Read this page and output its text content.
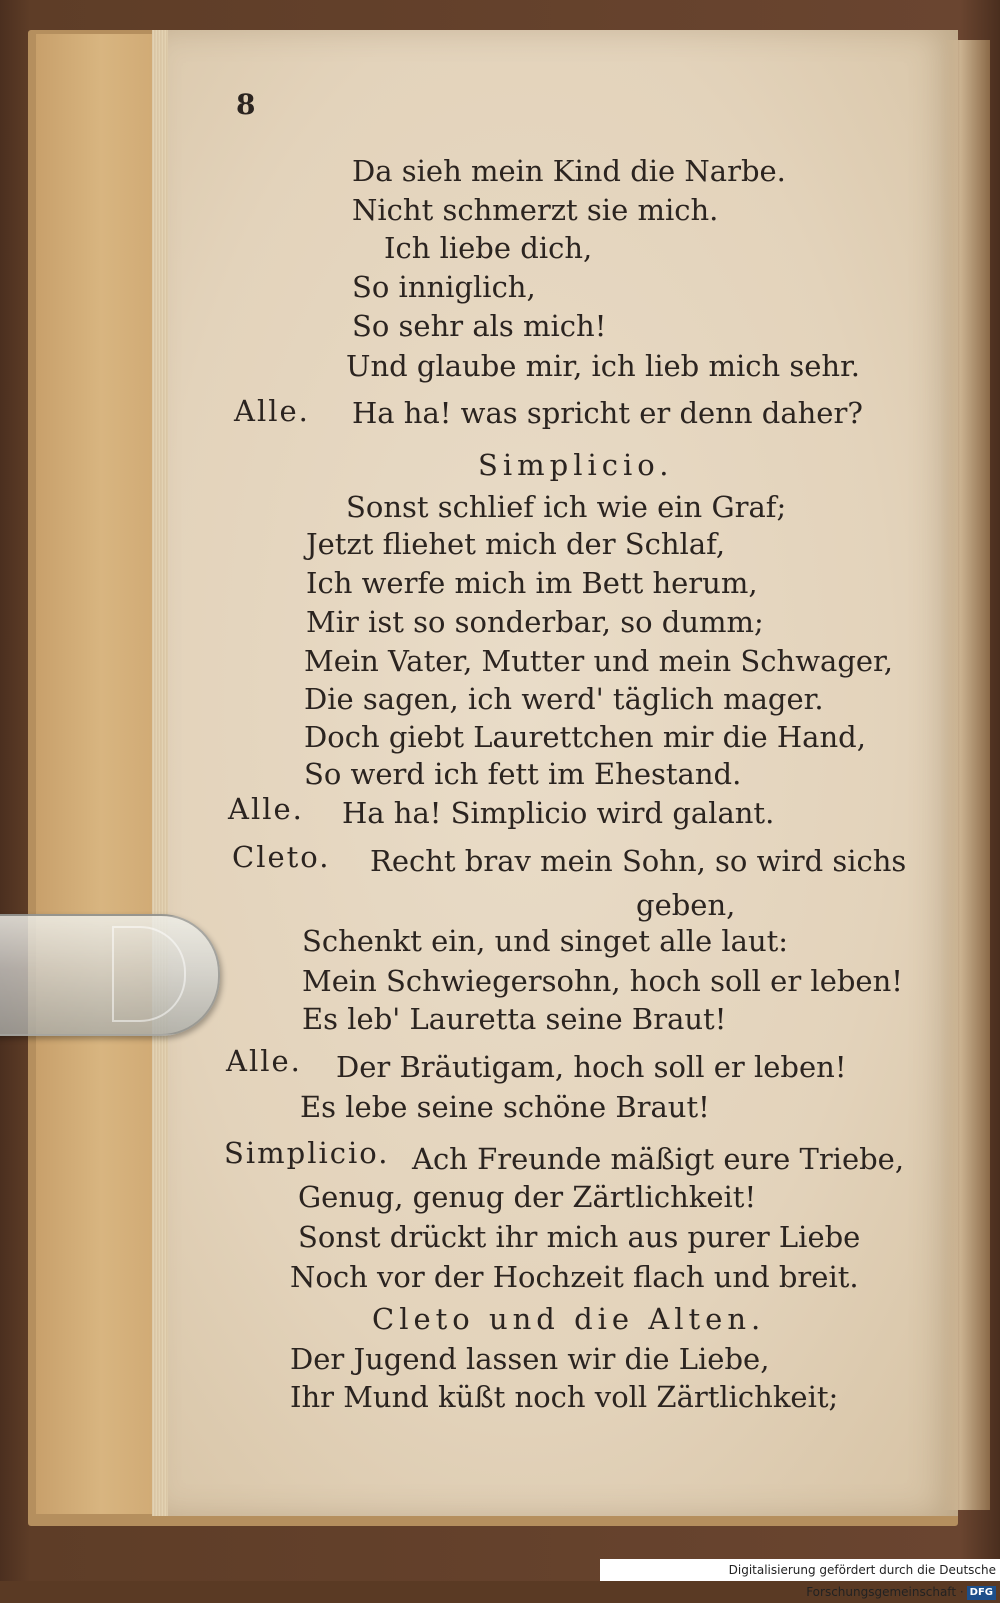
8
Da sieh mein Kind die Narbe.
Nicht schmerzt sie mich.
Ich liebe dich,
So inniglich,
So sehr als mich!
Und glaube mir, ich lieb mich sehr.
Alle. Ha ha! was spricht er denn daher?
Simplicio.
Sonst schlief ich wie ein Graf;
Jetzt fliehet mich der Schlaf,
Ich werfe mich im Bett herum,
Mir ist so sonderbar, so dumm;
Mein Vater, Mutter und mein Schwager,
Die sagen, ich werd' täglich mager.
Doch giebt Laurettchen mir die Hand,
So werd ich fett im Ehestand.
Alle. Ha ha! Simplicio wird galant.
Cleto. Recht brav mein Sohn, so wird sichs
geben,
Schenkt ein, und singet alle laut:
Mein Schwiegersohn, hoch soll er leben!
Es leb' Lauretta seine Braut!
Alle. Der Bräutigam, hoch soll er leben!
Es lebe seine schöne Braut!
Simplicio. Ach Freunde mäßigt eure Triebe,
Genug, genug der Zärtlichkeit!
Sonst drückt ihr mich aus purer Liebe
Noch vor der Hochzeit flach und breit.
Cleto und die Alten.
Der Jugend lassen wir die Liebe,
Ihr Mund küßt noch voll Zärtlichkeit;
Digitalisierung gefördert durch die Deutsche Forschungsgemeinschaft · DFG
